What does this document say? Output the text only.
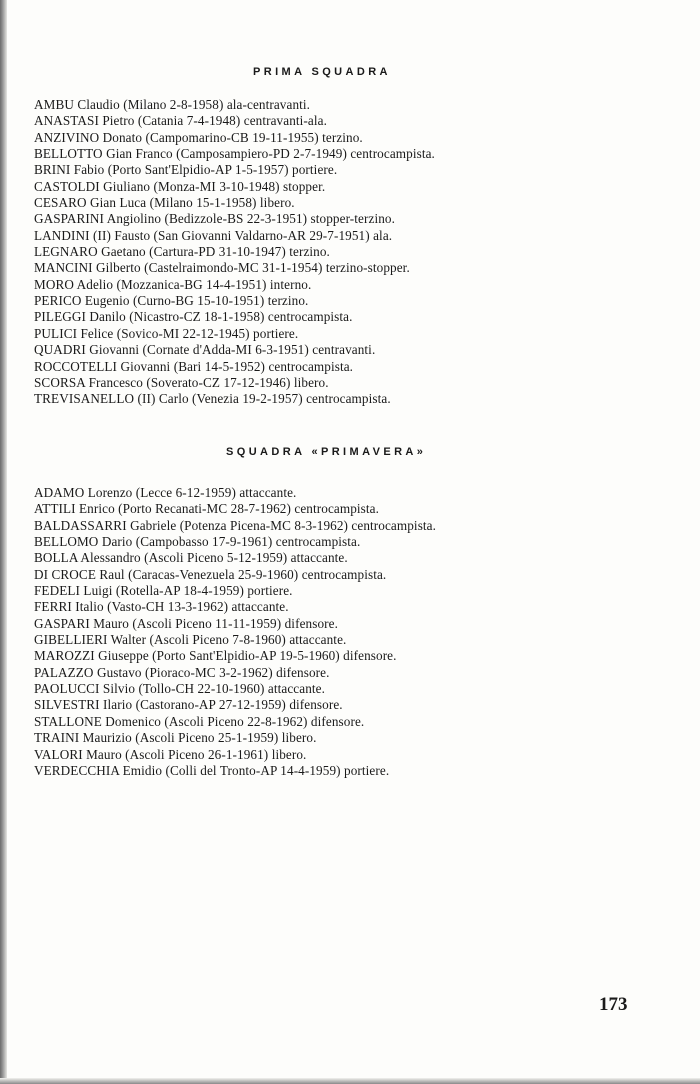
PRIMA SQUADRA
AMBU Claudio (Milano 2-8-1958) ala-centravanti.
ANASTASI Pietro (Catania 7-4-1948) centravanti-ala.
ANZIVINO Donato (Campomarino-CB 19-11-1955) terzino.
BELLOTTO Gian Franco (Camposampiero-PD 2-7-1949) centrocampista.
BRINI Fabio (Porto Sant'Elpidio-AP 1-5-1957) portiere.
CASTOLDI Giuliano (Monza-MI 3-10-1948) stopper.
CESARO Gian Luca (Milano 15-1-1958) libero.
GASPARINI Angiolino (Bedizzole-BS 22-3-1951) stopper-terzino.
LANDINI (II) Fausto (San Giovanni Valdarno-AR 29-7-1951) ala.
LEGNARO Gaetano (Cartura-PD 31-10-1947) terzino.
MANCINI Gilberto (Castelraimondo-MC 31-1-1954) terzino-stopper.
MORO Adelio (Mozzanica-BG 14-4-1951) interno.
PERICO Eugenio (Curno-BG 15-10-1951) terzino.
PILEGGI Danilo (Nicastro-CZ 18-1-1958) centrocampista.
PULICI Felice (Sovico-MI 22-12-1945) portiere.
QUADRI Giovanni (Cornate d'Adda-MI 6-3-1951) centravanti.
ROCCOTELLI Giovanni (Bari 14-5-1952) centrocampista.
SCORSA Francesco (Soverato-CZ 17-12-1946) libero.
TREVISANELLO (II) Carlo (Venezia 19-2-1957) centrocampista.
SQUADRA «PRIMAVERA»
ADAMO Lorenzo (Lecce 6-12-1959) attaccante.
ATTILI Enrico (Porto Recanati-MC 28-7-1962) centrocampista.
BALDASSARRI Gabriele (Potenza Picena-MC 8-3-1962) centrocampista.
BELLOMO Dario (Campobasso 17-9-1961) centrocampista.
BOLLA Alessandro (Ascoli Piceno 5-12-1959) attaccante.
DI CROCE Raul (Caracas-Venezuela 25-9-1960) centrocampista.
FEDELI Luigi (Rotella-AP 18-4-1959) portiere.
FERRI Italio (Vasto-CH 13-3-1962) attaccante.
GASPARI Mauro (Ascoli Piceno 11-11-1959) difensore.
GIBELLIERI Walter (Ascoli Piceno 7-8-1960) attaccante.
MAROZZI Giuseppe (Porto Sant'Elpidio-AP 19-5-1960) difensore.
PALAZZO Gustavo (Pioraco-MC 3-2-1962) difensore.
PAOLUCCI Silvio (Tollo-CH 22-10-1960) attaccante.
SILVESTRI Ilario (Castorano-AP 27-12-1959) difensore.
STALLONE Domenico (Ascoli Piceno 22-8-1962) difensore.
TRAINI Maurizio (Ascoli Piceno 25-1-1959) libero.
VALORI Mauro (Ascoli Piceno 26-1-1961) libero.
VERDECCHIA Emidio (Colli del Tronto-AP 14-4-1959) portiere.

173
